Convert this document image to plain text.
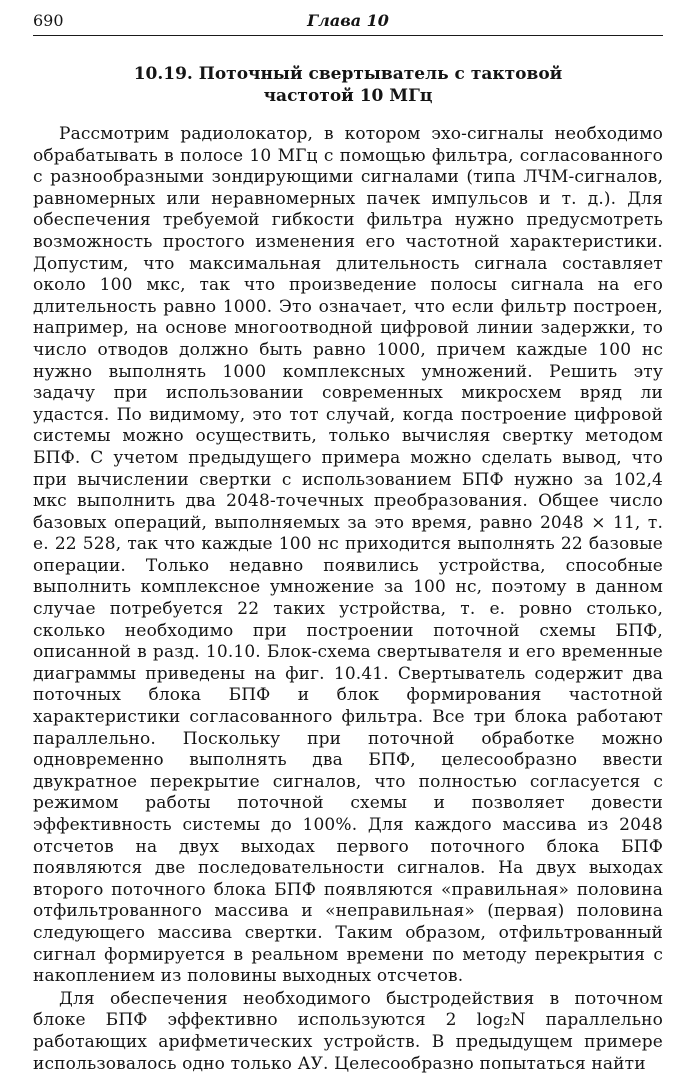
690	Глава 10
10.19. Поточный свертыватель с тактовой
частотой 10 МГц

Рассмотрим радиолокатор, в котором эхо-сигналы необходимо обрабатывать в полосе 10 МГц с помощью фильтра, согласованного с разнообразными зондирующими сигналами (типа ЛЧМ-сигналов, равномерных или неравномерных пачек импульсов и т. д.). Для обеспечения требуемой гибкости фильтра нужно предусмотреть возможность простого изменения его частотной характеристики. Допустим, что максимальная длительность сигнала составляет около 100 мкс, так что произведение полосы сигнала на его длительность равно 1000. Это означает, что если фильтр построен, например, на основе многоотводной цифровой линии задержки, то число отводов должно быть равно 1000, причем каждые 100 нс нужно выполнять 1000 комплексных умножений. Решить эту задачу при использовании современных микросхем вряд ли удастся. По видимому, это тот случай, когда построение цифровой системы можно осуществить, только вычисляя свертку методом БПФ. С учетом предыдущего примера можно сделать вывод, что при вычислении свертки с использованием БПФ нужно за 102,4 мкс выполнить два 2048-точечных преобразования. Общее число базовых операций, выполняемых за это время, равно 2048 × 11, т. е. 22 528, так что каждые 100 нс приходится выполнять 22 базовые операции. Только недавно появились устройства, способные выполнить комплексное умножение за 100 нс, поэтому в данном случае потребуется 22 таких устройства, т. е. ровно столько, сколько необходимо при построении поточной схемы БПФ, описанной в разд. 10.10. Блок-схема свертывателя и его временные диаграммы приведены на фиг. 10.41. Свертыватель содержит два поточных блока БПФ и блок формирования частотной характеристики согласованного фильтра. Все три блока работают параллельно. Поскольку при поточной обработке можно одновременно выполнять два БПФ, целесообразно ввести двукратное перекрытие сигналов, что полностью согласуется с режимом работы поточной схемы и позволяет довести эффективность системы до 100%. Для каждого массива из 2048 отсчетов на двух выходах первого поточного блока БПФ появляются две последовательности сигналов. На двух выходах второго поточного блока БПФ появляются «правильная» половина отфильтрованного массива и «неправильная» (первая) половина следующего массива свертки. Таким образом, отфильтрованный сигнал формируется в реальном времени по методу перекрытия с накоплением из половины выходных отсчетов.

Для обеспечения необходимого быстродействия в поточном блоке БПФ эффективно используются 2 log₂N параллельно работающих арифметических устройств. В предыдущем примере использовалось одно только АУ. Целесообразно попытаться найти
